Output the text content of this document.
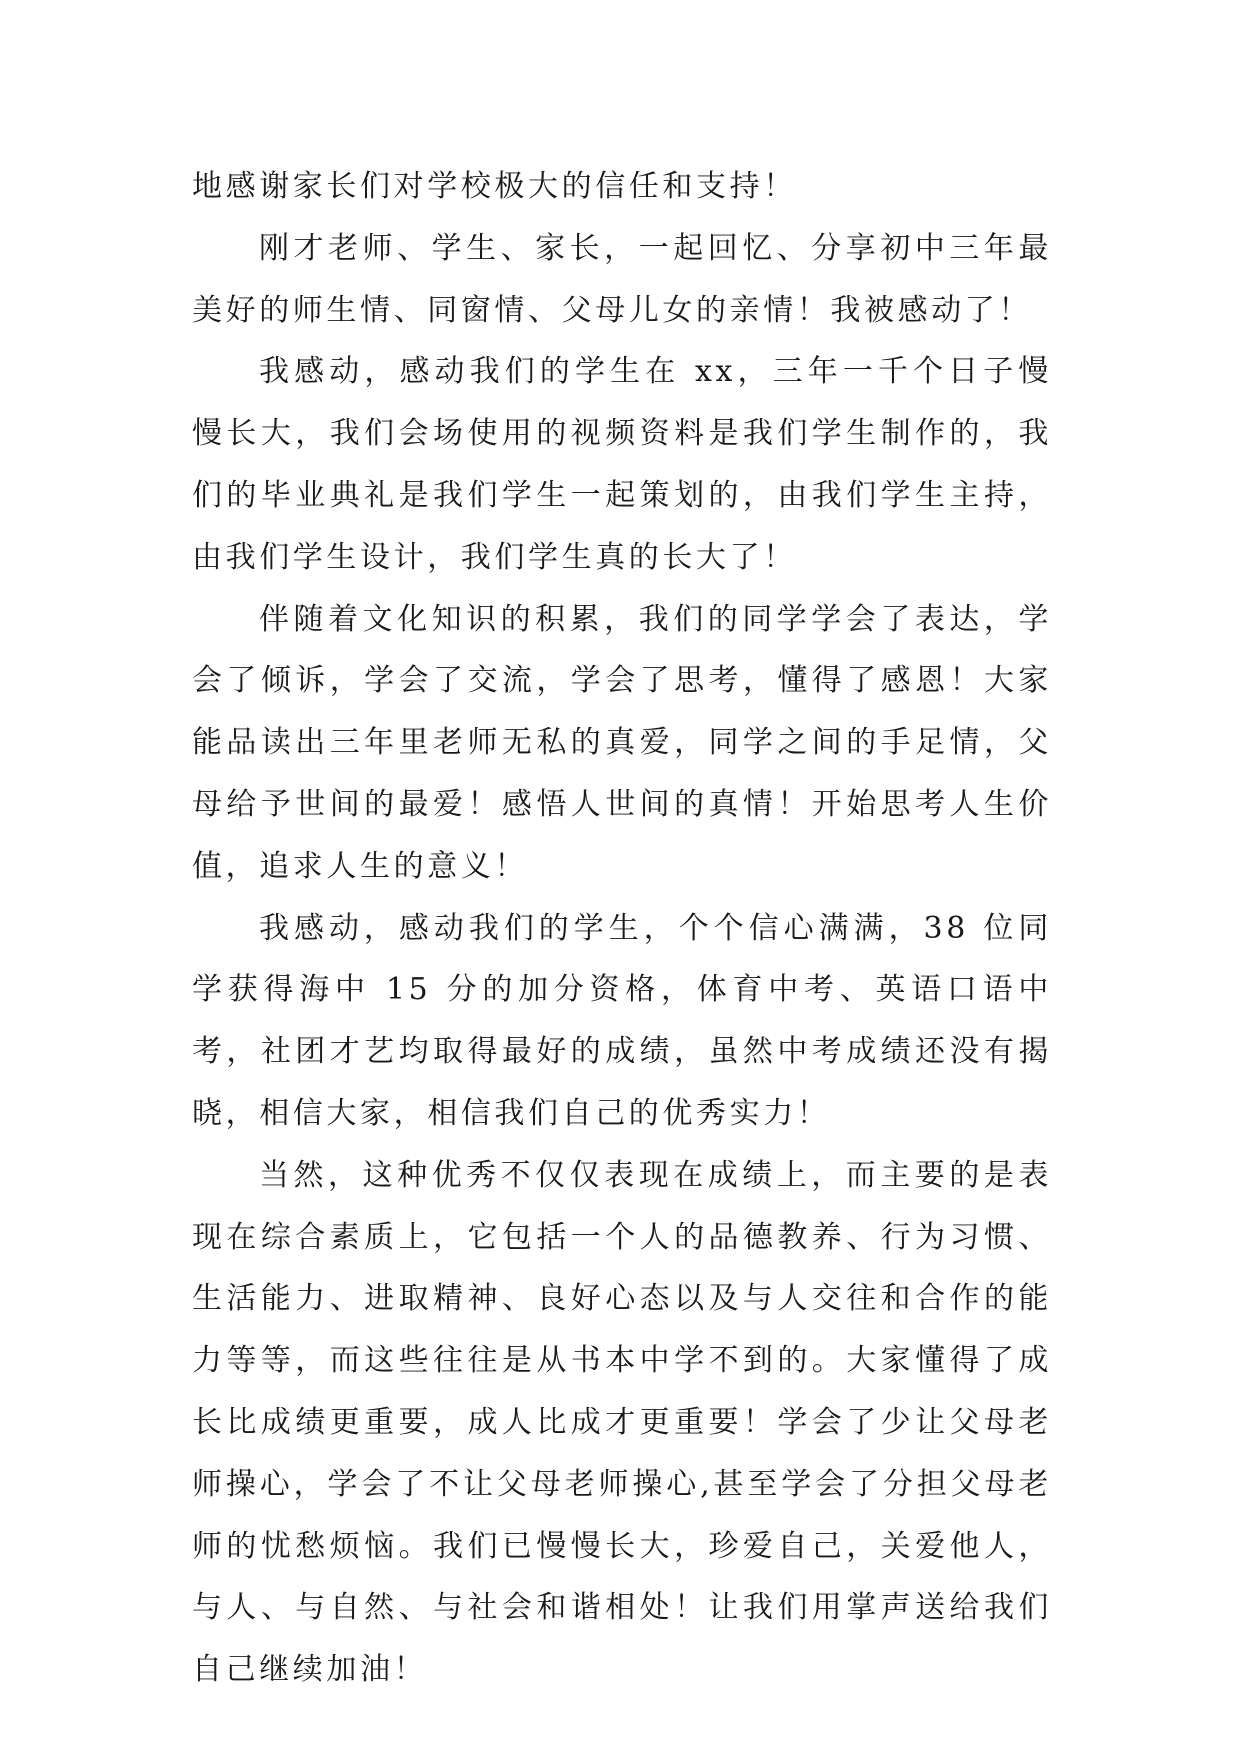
地感谢家长们对学校极大的信任和支持！

刚才老师、学生、家长，一起回忆、分享初中三年最美好的师生情、同窗情、父母儿女的亲情！我被感动了！

我感动，感动我们的学生在 xx，三年一千个日子慢慢长大，我们会场使用的视频资料是我们学生制作的，我们的毕业典礼是我们学生一起策划的，由我们学生主持，由我们学生设计，我们学生真的长大了！

伴随着文化知识的积累，我们的同学学会了表达，学会了倾诉，学会了交流，学会了思考，懂得了感恩！大家能品读出三年里老师无私的真爱，同学之间的手足情，父母给予世间的最爱！感悟人世间的真情！开始思考人生价值，追求人生的意义！

我感动，感动我们的学生，个个信心满满，38 位同学获得海中 15 分的加分资格，体育中考、英语口语中考，社团才艺均取得最好的成绩，虽然中考成绩还没有揭晓，相信大家，相信我们自己的优秀实力！

当然，这种优秀不仅仅表现在成绩上，而主要的是表现在综合素质上，它包括一个人的品德教养、行为习惯、生活能力、进取精神、良好心态以及与人交往和合作的能力等等，而这些往往是从书本中学不到的。大家懂得了成长比成绩更重要，成人比成才更重要！学会了少让父母老师操心，学会了不让父母老师操心,甚至学会了分担父母老师的忧愁烦恼。我们已慢慢长大，珍爱自己，关爱他人，与人、与自然、与社会和谐相处！让我们用掌声送给我们自己继续加油！
